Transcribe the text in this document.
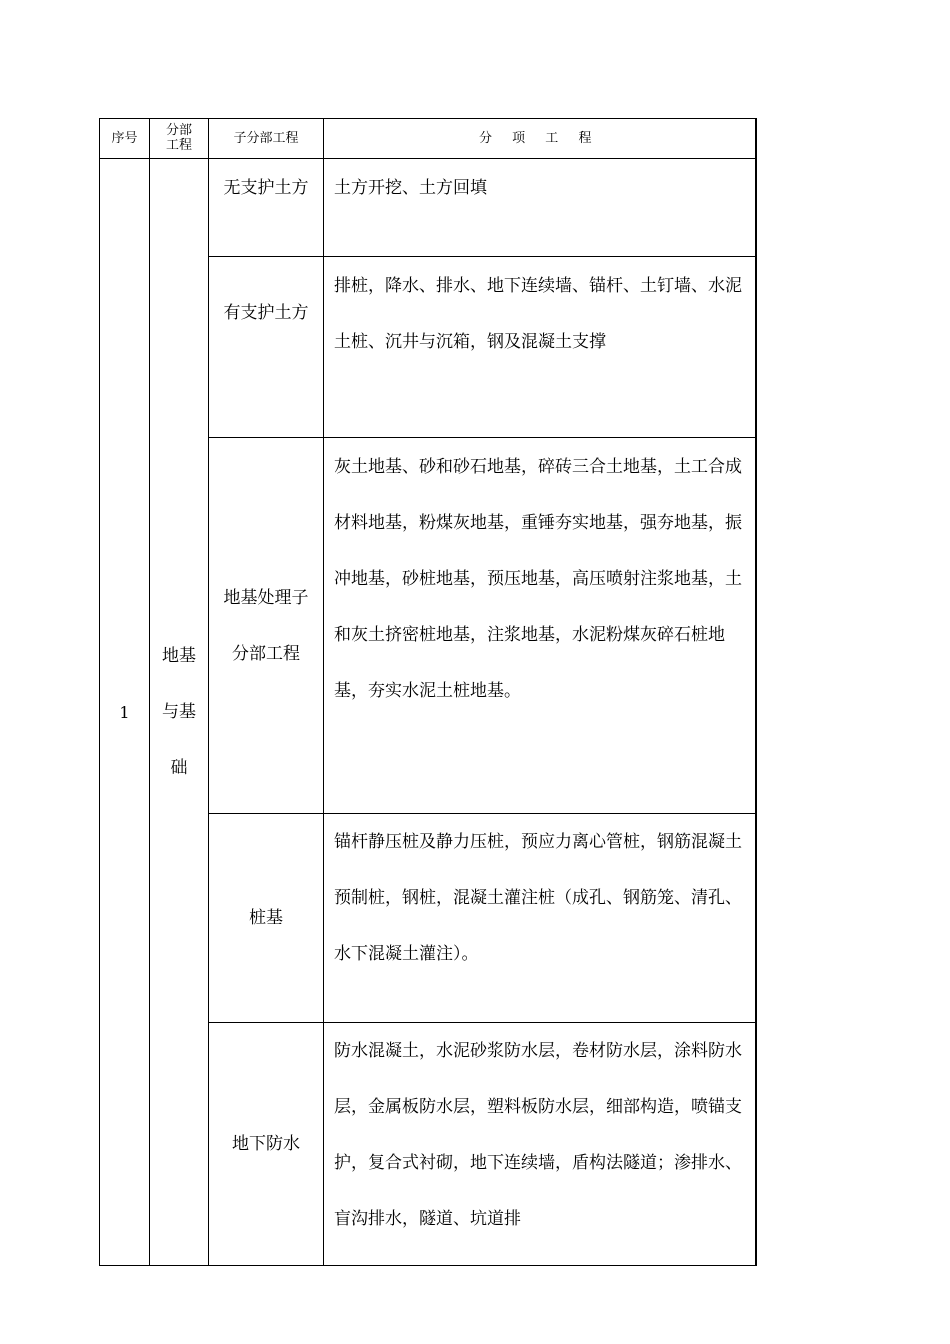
序号	分部工程	子分部工程	分 项 工 程
1	地基与基础	无支护土方	土方开挖、土方回填

		有支护土方	排桩，降水、排水、地下连续墙、锚杆、土钉墙、水泥土桩、沉井与沉箱，钢及混凝土支撑

		地基处理子分部工程	灰土地基、砂和砂石地基，碎砖三合土地基，土工合成材料地基，粉煤灰地基，重锤夯实地基，强夯地基，振冲地基，砂桩地基，预压地基，高压喷射注浆地基，土和灰土挤密桩地基，注浆地基，水泥粉煤灰碎石桩地基，夯实水泥土桩地基。

		桩基	锚杆静压桩及静力压桩，预应力离心管桩，钢筋混凝土预制桩，钢桩，混凝土灌注桩（成孔、钢筋笼、清孔、水下混凝土灌注）。

		地下防水	防水混凝土，水泥砂浆防水层，卷材防水层，涂料防水层，金属板防水层，塑料板防水层，细部构造，喷锚支护，复合式衬砌，地下连续墙，盾构法隧道；渗排水、盲沟排水，隧道、坑道排
